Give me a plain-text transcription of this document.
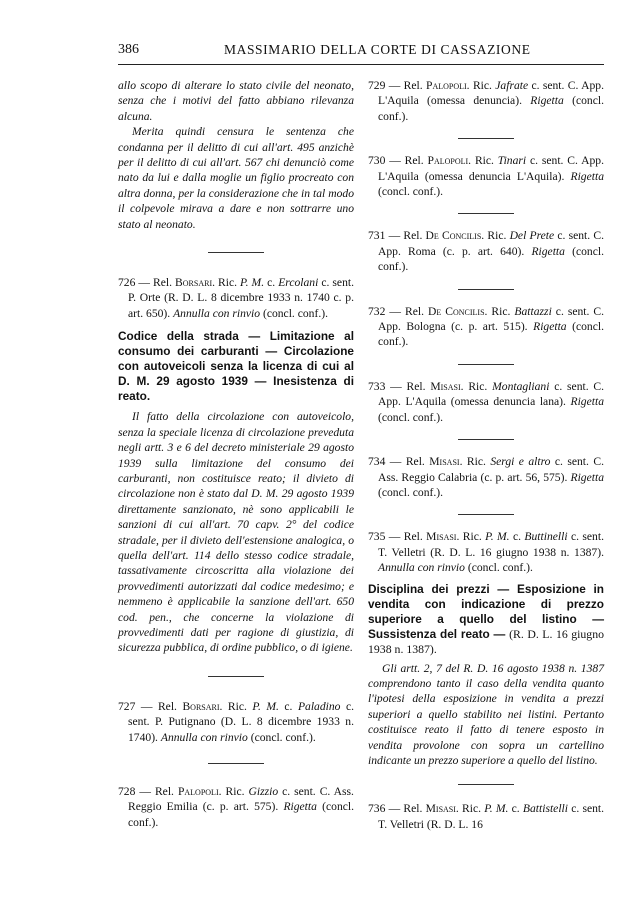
386	MASSIMARIO DELLA CORTE DI CASSAZIONE

allo scopo di alterare lo stato civile del neonato, senza che i motivi del fatto abbiano rilevanza alcuna.

Merita quindi censura le sentenza che condanna per il delitto di cui all'art. 495 anzichè per il delitto di cui all'art. 567 chi denunciò come nato da lui e dalla moglie un figlio procreato con altra donna, per la considerazione che in tal modo il colpevole mirava a dare e non sottrarre uno stato al neonato.

726 — Rel. Borsari. Ric. P. M. c. Ercolani c. sent. P. Orte (R. D. L. 8 dicembre 1933 n. 1740 c. p. art. 650). Annulla con rinvio (concl. conf.).

Codice della strada — Limitazione al consumo dei carburanti — Circolazione con autoveicoli senza la licenza di cui al D. M. 29 agosto 1939 — Inesistenza di reato.

Il fatto della circolazione con autoveicolo, senza la speciale licenza di circolazione preveduta negli artt. 3 e 6 del decreto ministeriale 29 agosto 1939 sulla limitazione del consumo dei carburanti, non costituisce reato; il divieto di circolazione non è stato dal D. M. 29 agosto 1939 direttamente sanzionato, nè sono applicabili le sanzioni di cui all'art. 70 capv. 2° del codice stradale, per il divieto dell'estensione analogica, o quella dell'art. 114 dello stesso codice stradale, tassativamente circoscritta alla violazione dei provvedimenti autorizzati dal codice medesimo; e nemmeno è applicabile la sanzione dell'art. 650 cod. pen., che concerne la violazione di provvedimenti dati per ragione di giustizia, di sicurezza pubblica, di ordine pubblico, o di igiene.

727 — Rel. Borsari. Ric. P. M. c. Paladino c. sent. P. Putignano (D. L. 8 dicembre 1933 n. 1740). Annulla con rinvio (concl. conf.).

728 — Rel. Palopoli. Ric. Gizzio c. sent. C. Ass. Reggio Emilia (c. p. art. 575). Rigetta (concl. conf.).

729 — Rel. Palopoli. Ric. Jafrate c. sent. C. App. L'Aquila (omessa denuncia). Rigetta (concl. conf.).

730 — Rel. Palopoli. Ric. Tinari c. sent. C. App. L'Aquila (omessa denuncia L'Aquila). Rigetta (concl. conf.).

731 — Rel. De Concilis. Ric. Del Prete c. sent. C. App. Roma (c. p. art. 640). Rigetta (concl. conf.).

732 — Rel. De Concilis. Ric. Battazzi c. sent. C. App. Bologna (c. p. art. 515). Rigetta (concl. conf.).

733 — Rel. Misasi. Ric. Montagliani c. sent. C. App. L'Aquila (omessa denuncia lana). Rigetta (concl. conf.).

734 — Rel. Misasi. Ric. Sergi e altro c. sent. C. Ass. Reggio Calabria (c. p. art. 56, 575). Rigetta (concl. conf.).

735 — Rel. Misasi. Ric. P. M. c. Buttinelli c. sent. T. Velletri (R. D. L. 16 giugno 1938 n. 1387). Annulla con rinvio (concl. conf.).

Disciplina dei prezzi — Esposizione in vendita con indicazione di prezzo superiore a quello del listino — Sussistenza del reato — (R. D. L. 16 giugno 1938 n. 1387).

Gli artt. 2, 7 del R. D. 16 agosto 1938 n. 1387 comprendono tanto il caso della vendita quanto l'ipotesi della esposizione in vendita a prezzi superiori a quello stabilito nei listini. Pertanto costituisce reato il fatto di tenere esposto in vendita provolone con sopra un cartellino indicante un prezzo superiore a quello del listino.

736 — Rel. Misasi. Ric. P. M. c. Battistelli c. sent. T. Velletri (R. D. L. 16
